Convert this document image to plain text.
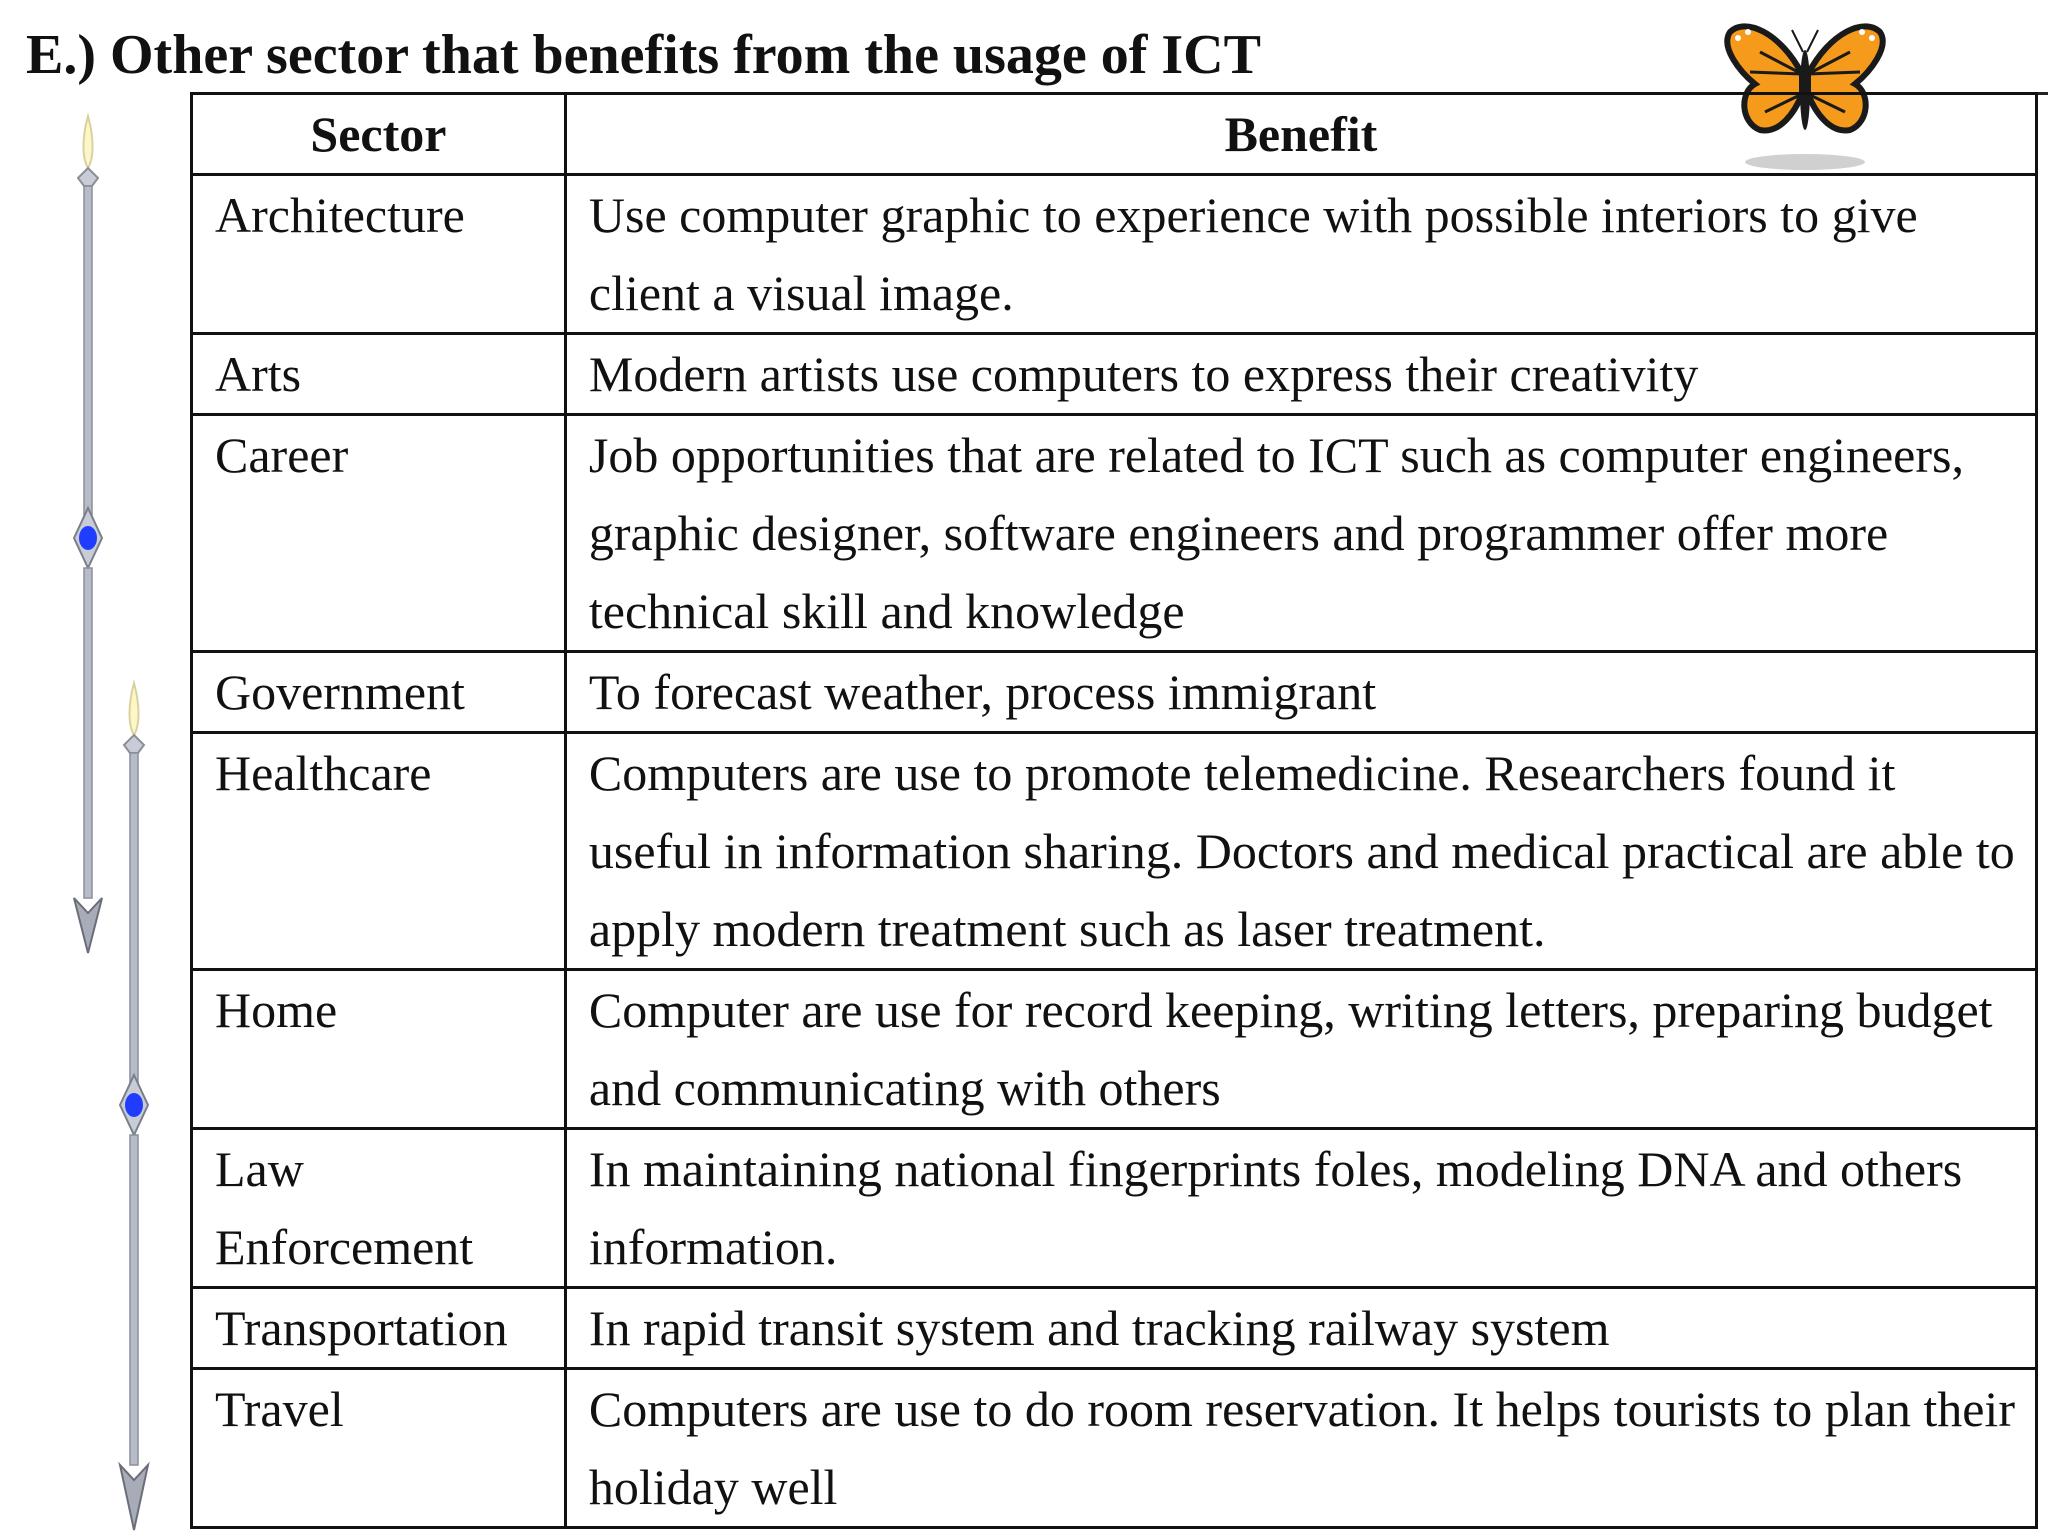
E.) Other sector that benefits from the usage of ICT
Sector	Benefit
Architecture	Use computer graphic to experience with possible interiors to give client a visual image.
Arts	Modern artists use computers to express their creativity
Career	Job opportunities that are related to ICT such as computer engineers, graphic designer, software engineers and programmer offer more technical skill and knowledge
Government	To forecast weather, process immigrant
Healthcare	Computers are use to promote telemedicine. Researchers found it useful in information sharing. Doctors and medical practical are able to apply modern treatment such as laser treatment.
Home	Computer are use for record keeping, writing letters, preparing budget and communicating with others
Law Enforcement	In maintaining national fingerprints foles, modeling DNA and others information.
Transportation	In rapid transit system and tracking railway system
Travel	Computers are use to do room reservation. It helps tourists to plan their holiday well
